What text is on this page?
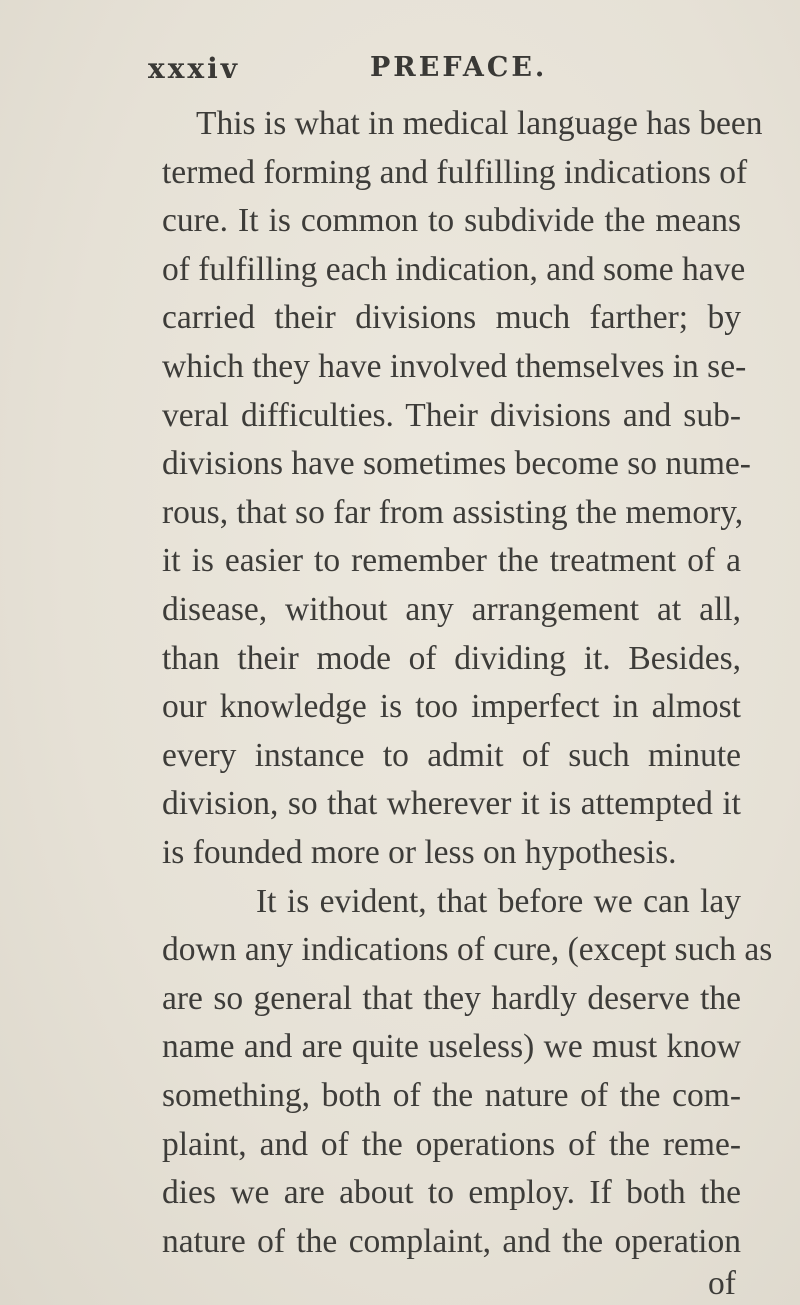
xxxiv	PREFACE.
This is what in medical language has been
termed forming and fulfilling indications of
cure. It is common to subdivide the means
of fulfilling each indication, and some have
carried their divisions much farther; by
which they have involved themselves in se-
veral difficulties. Their divisions and sub-
divisions have sometimes become so nume-
rous, that so far from assisting the memory,
it is easier to remember the treatment of a
disease, without any arrangement at all,
than their mode of dividing it. Besides,
our knowledge is too imperfect in almost
every instance to admit of such minute
division, so that wherever it is attempted it
is founded more or less on hypothesis.
It is evident, that before we can lay
down any indications of cure, (except such as
are so general that they hardly deserve the
name and are quite useless) we must know
something, both of the nature of the com-
plaint, and of the operations of the reme-
dies we are about to employ. If both the
nature of the complaint, and the operation
of
